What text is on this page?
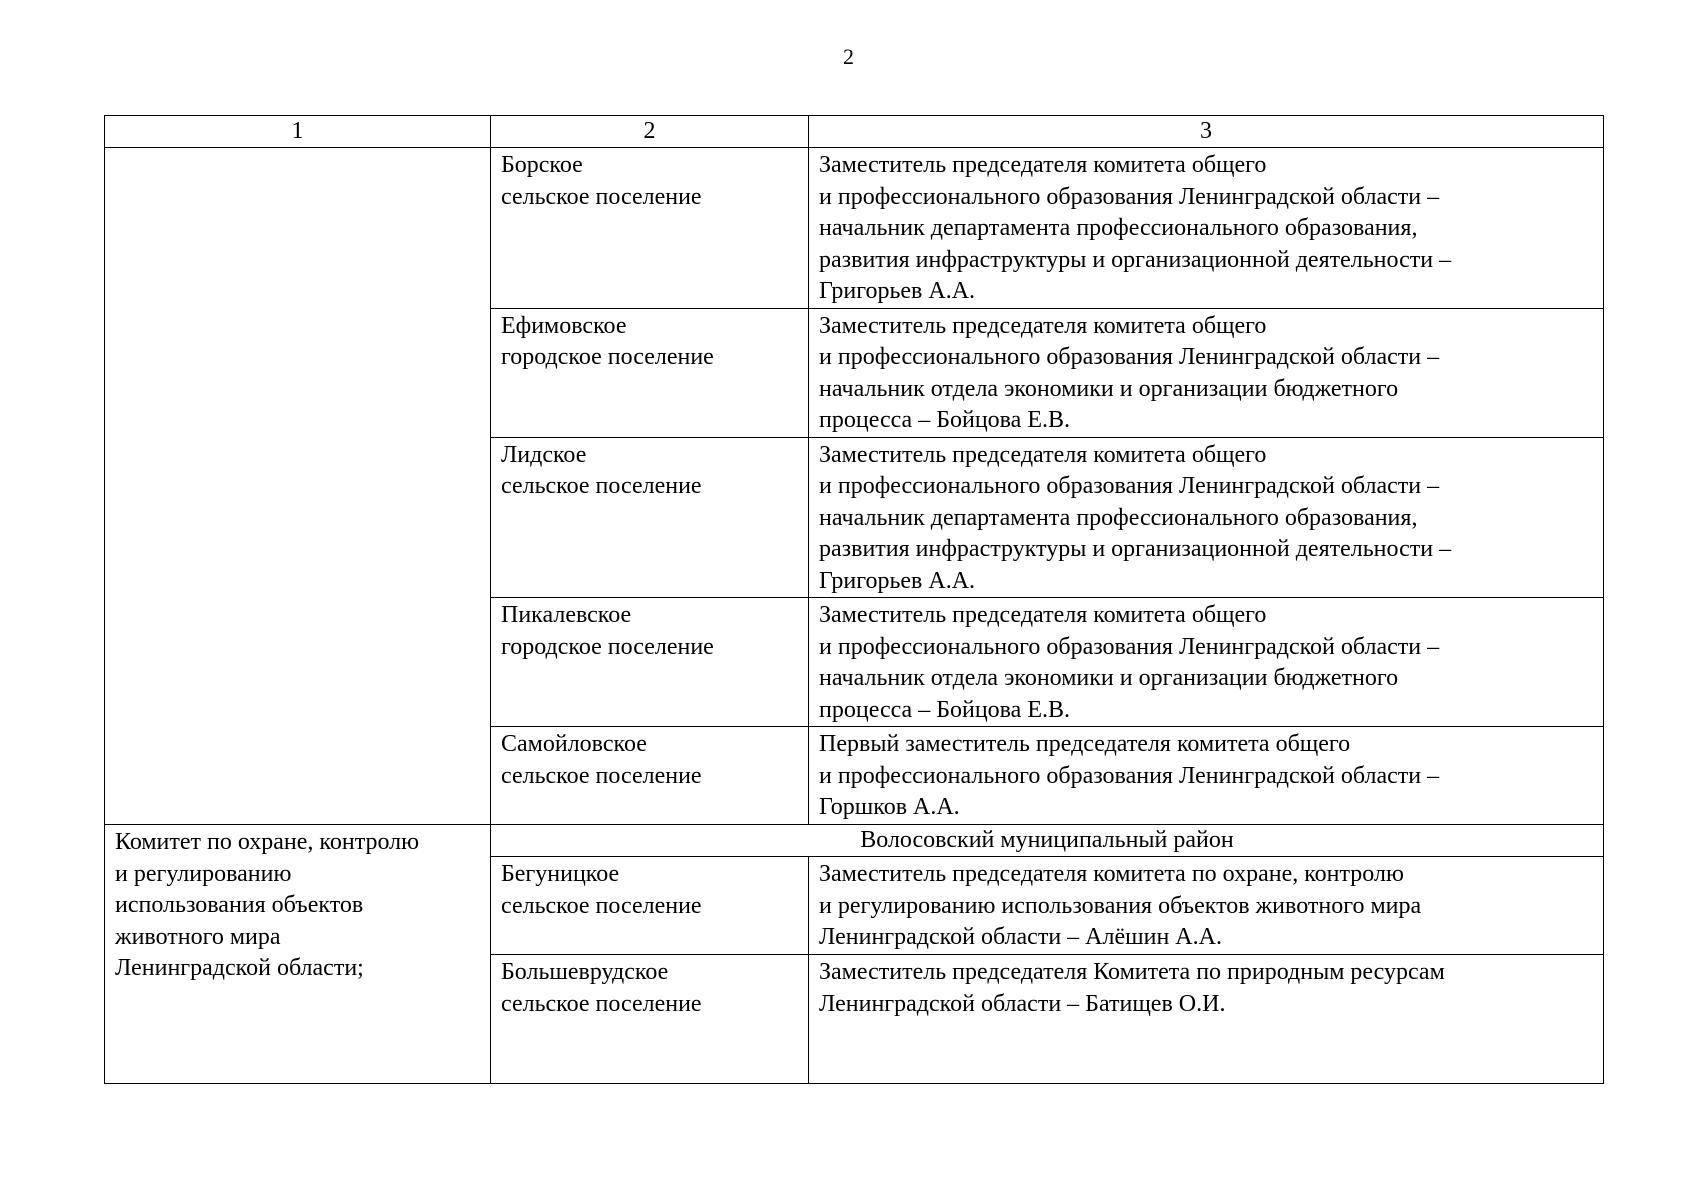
2
1	2	3
	Борское
сельское поселение	Заместитель председателя комитета общего
и профессионального образования Ленинградской области –
начальник департамента профессионального образования,
развития инфраструктуры и организационной деятельности –
Григорьев А.А.
	Ефимовское
городское поселение	Заместитель председателя комитета общего
и профессионального образования Ленинградской области –
начальник отдела экономики и организации бюджетного
процесса – Бойцова Е.В.
	Лидское
сельское поселение	Заместитель председателя комитета общего
и профессионального образования Ленинградской области –
начальник департамента профессионального образования,
развития инфраструктуры и организационной деятельности –
Григорьев А.А.
	Пикалевское
городское поселение	Заместитель председателя комитета общего
и профессионального образования Ленинградской области –
начальник отдела экономики и организации бюджетного
процесса – Бойцова Е.В.
	Самойловское
сельское поселение	Первый заместитель председателя комитета общего
и профессионального образования Ленинградской области –
Горшков А.А.
Комитет по охране, контролю
и регулированию
использования объектов
животного мира
Ленинградской области;	Волосовский муниципальный район	
	Бегуницкое
сельское поселение	Заместитель председателя комитета по охране, контролю
и регулированию использования объектов животного мира
Ленинградской области – Алёшин А.А.
	Большеврудское
сельское поселение	Заместитель председателя Комитета по природным ресурсам
Ленинградской области – Батищев О.И.
